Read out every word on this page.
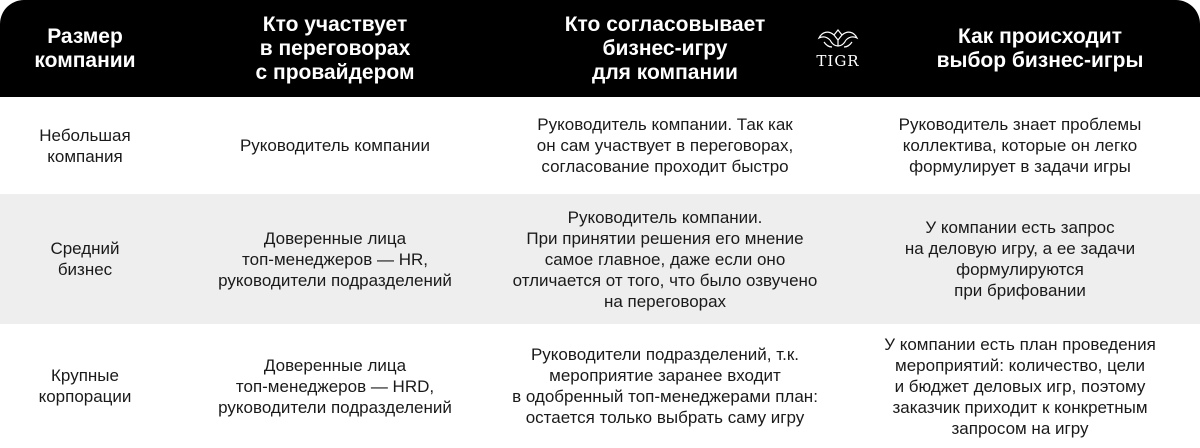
Размер
компании
Кто участвует
в переговорах
с провайдером
Кто согласовывает
бизнес-игру
для компании	TIGR
Как происходит
выбор бизнес-игры
Небольшая
компания
Руководитель компании
Руководитель компании. Так как
он сам участвует в переговорах,
согласование проходит быстро
Руководитель знает проблемы
коллектива, которые он легко
формулирует в задачи игры
Средний
бизнес
Доверенные лица
топ-менеджеров — HR,
руководители подразделений
Руководитель компании.
При принятии решения его мнение
самое главное, даже если оно
отличается от того, что было озвучено
на переговорах
У компании есть запрос
на деловую игру, а ее задачи
формулируются
при брифовании
Крупные
корпорации
Доверенные лица
топ-менеджеров — HRD,
руководители подразделений
Руководители подразделений, т.к.
мероприятие заранее входит
в одобренный топ-менеджерами план:
остается только выбрать саму игру
У компании есть план проведения
мероприятий: количество, цели
и бюджет деловых игр, поэтому
заказчик приходит к конкретным
запросом на игру
